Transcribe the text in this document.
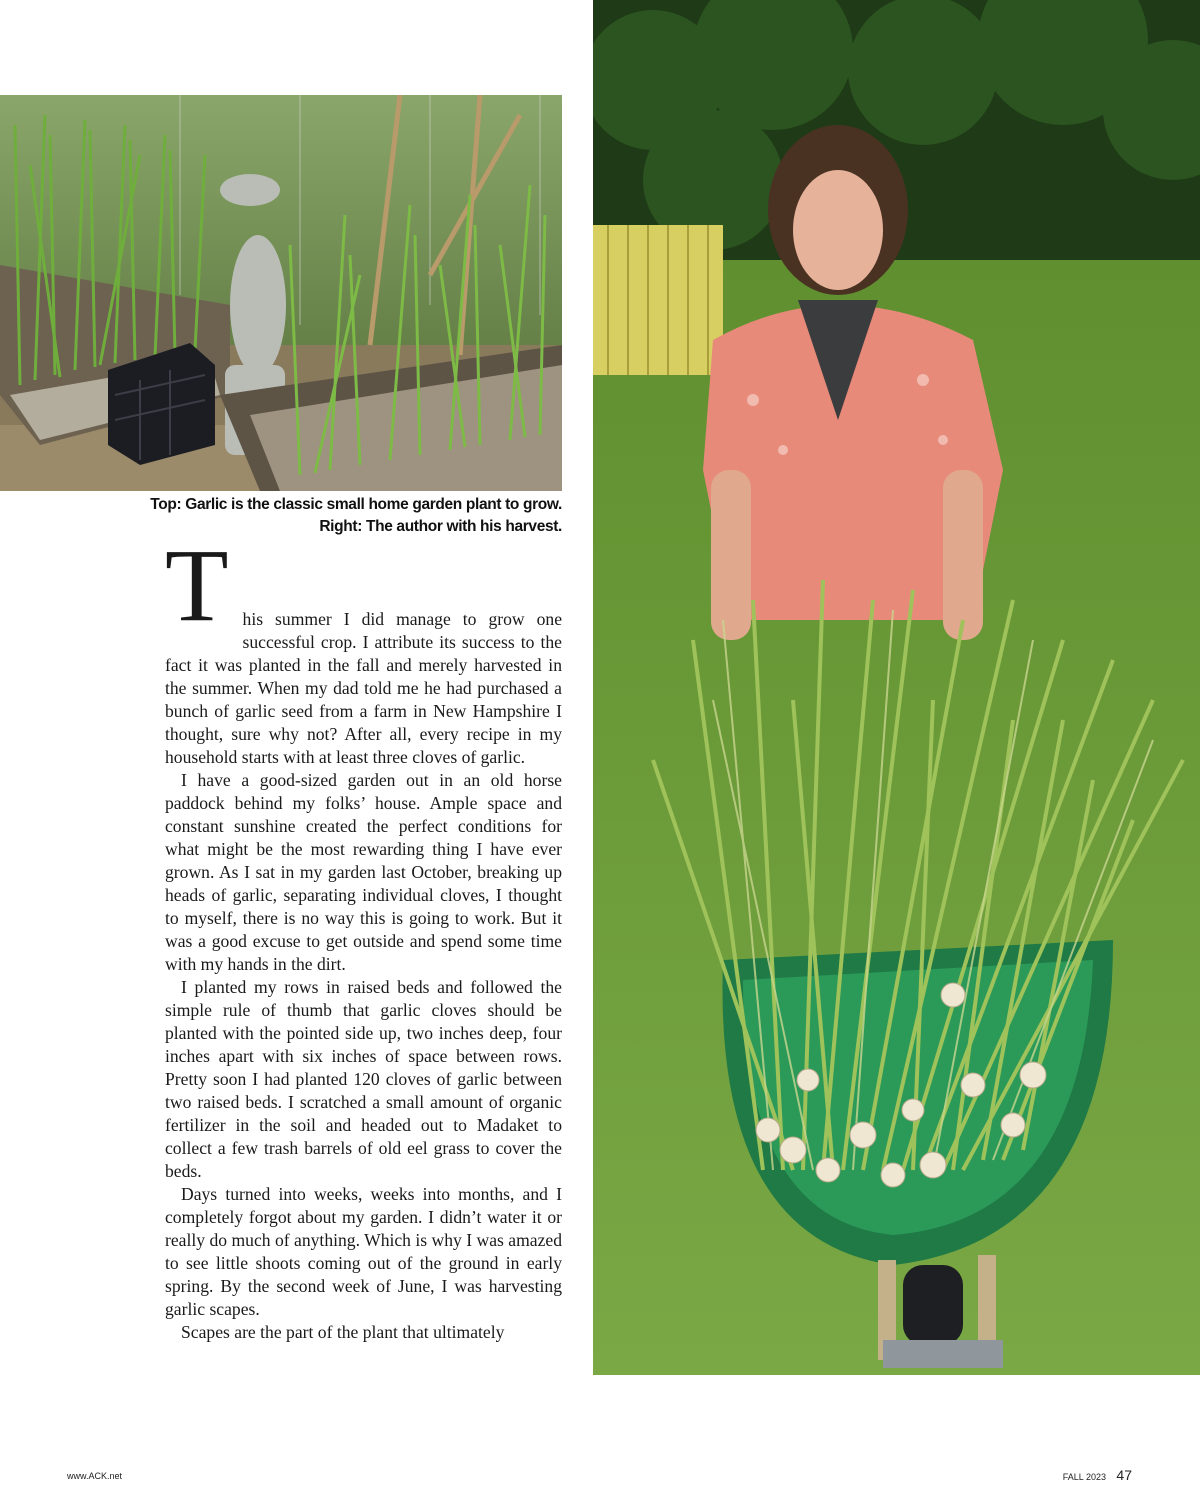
Top: Garlic is the classic small home garden plant to grow.
Right: The author with his harvest.

This summer I did manage to grow one successful crop. I attribute its success to the fact it was planted in the fall and merely harvested in the summer. When my dad told me he had purchased a bunch of garlic seed from a farm in New Hampshire I thought, sure why not? After all, every recipe in my household starts with at least three cloves of garlic.

I have a good-sized garden out in an old horse paddock behind my folks’ house. Ample space and constant sunshine created the perfect conditions for what might be the most rewarding thing I have ever grown. As I sat in my garden last October, breaking up heads of garlic, separating individual cloves, I thought to myself, there is no way this is going to work. But it was a good excuse to get outside and spend some time with my hands in the dirt.

I planted my rows in raised beds and followed the simple rule of thumb that garlic cloves should be planted with the pointed side up, two inches deep, four inches apart with six inches of space between rows. Pretty soon I had planted 120 cloves of garlic between two raised beds. I scratched a small amount of organic fertilizer in the soil and headed out to Madaket to collect a few trash barrels of old eel grass to cover the beds.

Days turned into weeks, weeks into months, and I completely forgot about my garden. I didn’t water it or really do much of anything. Which is why I was amazed to see little shoots coming out of the ground in early spring. By the second week of June, I was harvesting garlic scapes.

Scapes are the part of the plant that ultimately

www.ACK.net	FALL 2023 47
